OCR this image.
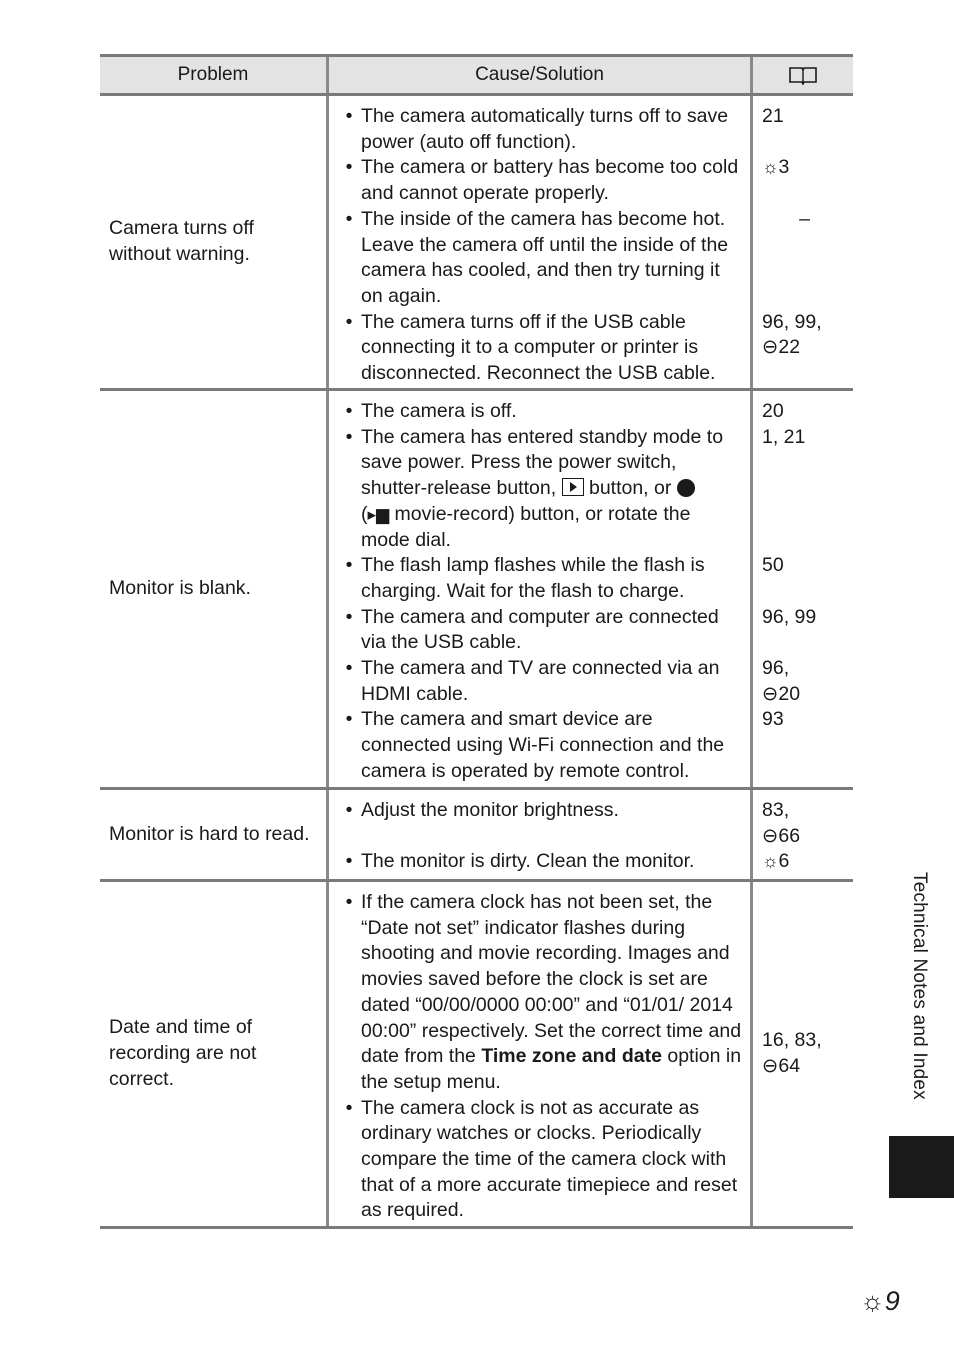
Problem	Cause/Solution
Camera turns off without warning.
• The camera automatically turns off to save power (auto off function).
• The camera or battery has become too cold and cannot operate properly.
• The inside of the camera has become hot. Leave the camera off until the inside of the camera has cooled, and then try turning it on again.
• The camera turns off if the USB cable connecting it to a computer or printer is disconnected. Reconnect the USB cable.
21
☼3
–
96, 99,
⊖22
Monitor is blank.
• The camera is off.
• The camera has entered standby mode to save power. Press the power switch, shutter-release button, button, or
(▸▆ movie-record) button, or rotate the mode dial.
• The flash lamp flashes while the flash is charging. Wait for the flash to charge.
• The camera and computer are connected via the USB cable.
• The camera and TV are connected via an HDMI cable.
• The camera and smart device are connected using Wi-Fi connection and the camera is operated by remote control.
20
1, 21
50
96, 99
96,
⊖20
93
Monitor is hard to read.
• Adjust the monitor brightness.
• The monitor is dirty. Clean the monitor.
83,
⊖66
☼6
Date and time of recording are not correct.
• If the camera clock has not been set, the “Date not set” indicator flashes during shooting and movie recording. Images and movies saved before the clock is set are dated “00/00/0000 00:00” and “01/01/ 2014 00:00” respectively. Set the correct time and date from the Time zone and date option in the setup menu.
• The camera clock is not as accurate as ordinary watches or clocks. Periodically compare the time of the camera clock with that of a more accurate timepiece and reset as required.
16, 83,
⊖64	Technical Notes and Index
☼9
